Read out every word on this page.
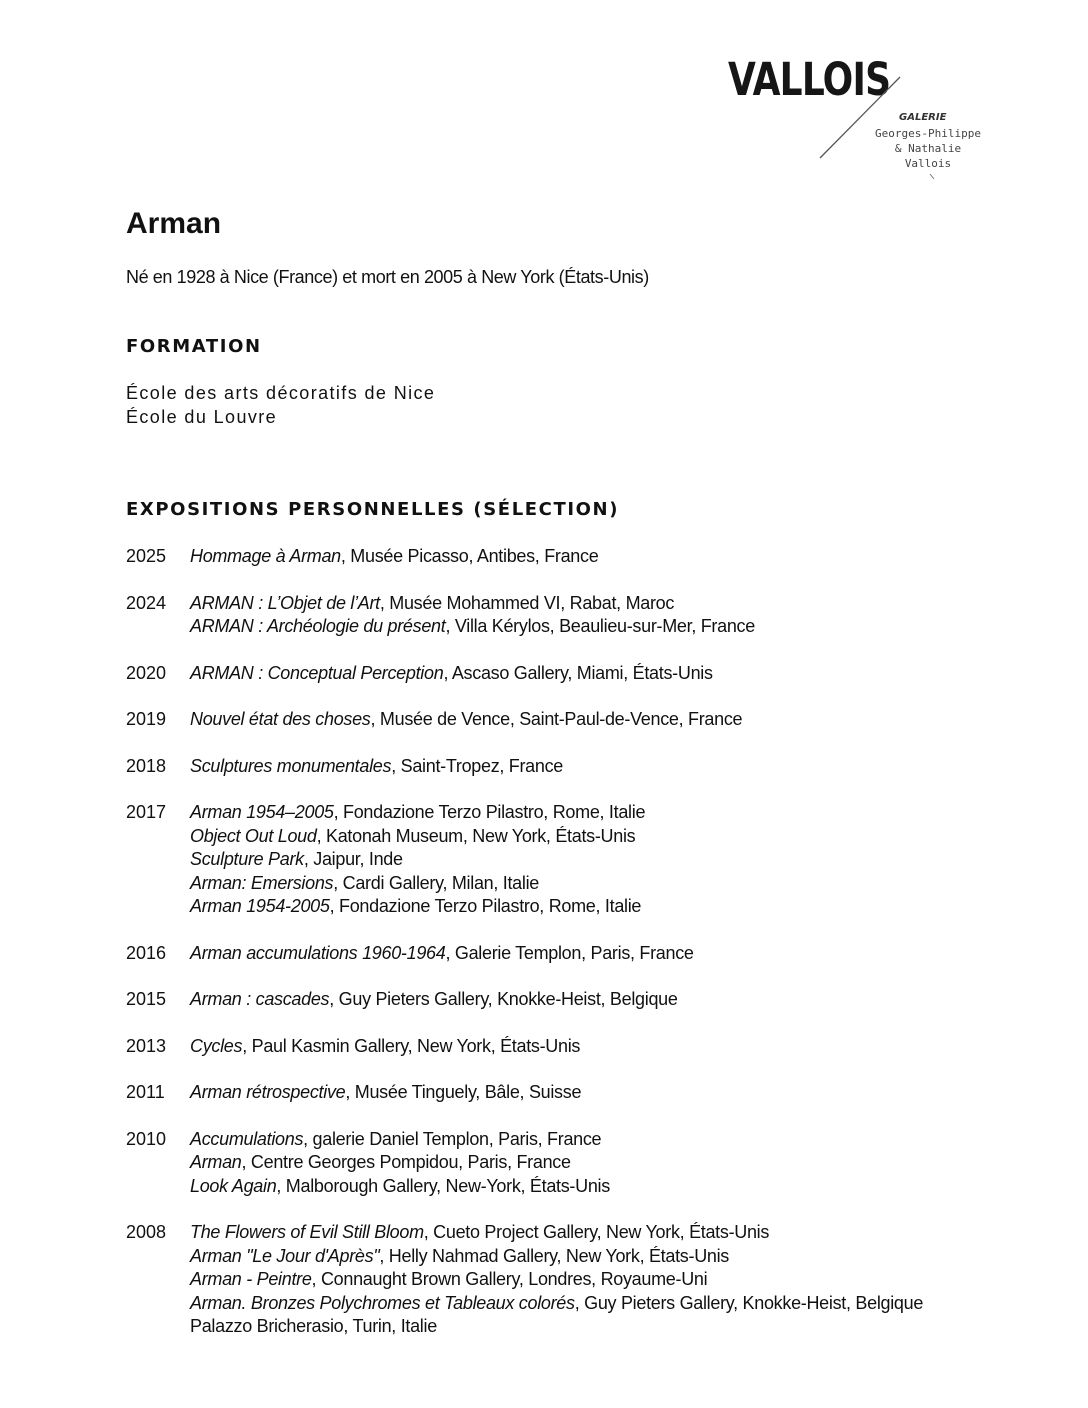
VALLOIS
GALERIE
Georges-Philippe
& Nathalie
Vallois
Arman
Né en 1928 à Nice (France) et mort en 2005 à New York (États-Unis)
FORMATION
École des arts décoratifs de Nice
École du Louvre
EXPOSITIONS PERSONNELLES (SÉLECTION)
2025	Hommage à Arman, Musée Picasso, Antibes, France
2024	ARMAN : L’Objet de l’Art, Musée Mohammed VI, Rabat, Maroc
ARMAN : Archéologie du présent, Villa Kérylos, Beaulieu-sur-Mer, France
2020	ARMAN : Conceptual Perception, Ascaso Gallery, Miami, États-Unis
2019	Nouvel état des choses, Musée de Vence, Saint-Paul-de-Vence, France
2018	Sculptures monumentales, Saint-Tropez, France
2017	Arman 1954–2005, Fondazione Terzo Pilastro, Rome, Italie
Object Out Loud, Katonah Museum, New York, États-Unis
Sculpture Park, Jaipur, Inde
Arman: Emersions, Cardi Gallery, Milan, Italie
Arman 1954-2005, Fondazione Terzo Pilastro, Rome, Italie
2016	Arman accumulations 1960-1964, Galerie Templon, Paris, France
2015	Arman : cascades, Guy Pieters Gallery, Knokke-Heist, Belgique
2013	Cycles, Paul Kasmin Gallery, New York, États-Unis
2011	Arman rétrospective, Musée Tinguely, Bâle, Suisse
2010	Accumulations, galerie Daniel Templon, Paris, France
Arman, Centre Georges Pompidou, Paris, France
Look Again, Malborough Gallery, New-York, États-Unis
2008	The Flowers of Evil Still Bloom, Cueto Project Gallery, New York, États-Unis
Arman "Le Jour d'Après", Helly Nahmad Gallery, New York, États-Unis
Arman - Peintre, Connaught Brown Gallery, Londres, Royaume-Uni
Arman. Bronzes Polychromes et Tableaux colorés, Guy Pieters Gallery, Knokke-Heist, Belgique
Palazzo Bricherasio, Turin, Italie
